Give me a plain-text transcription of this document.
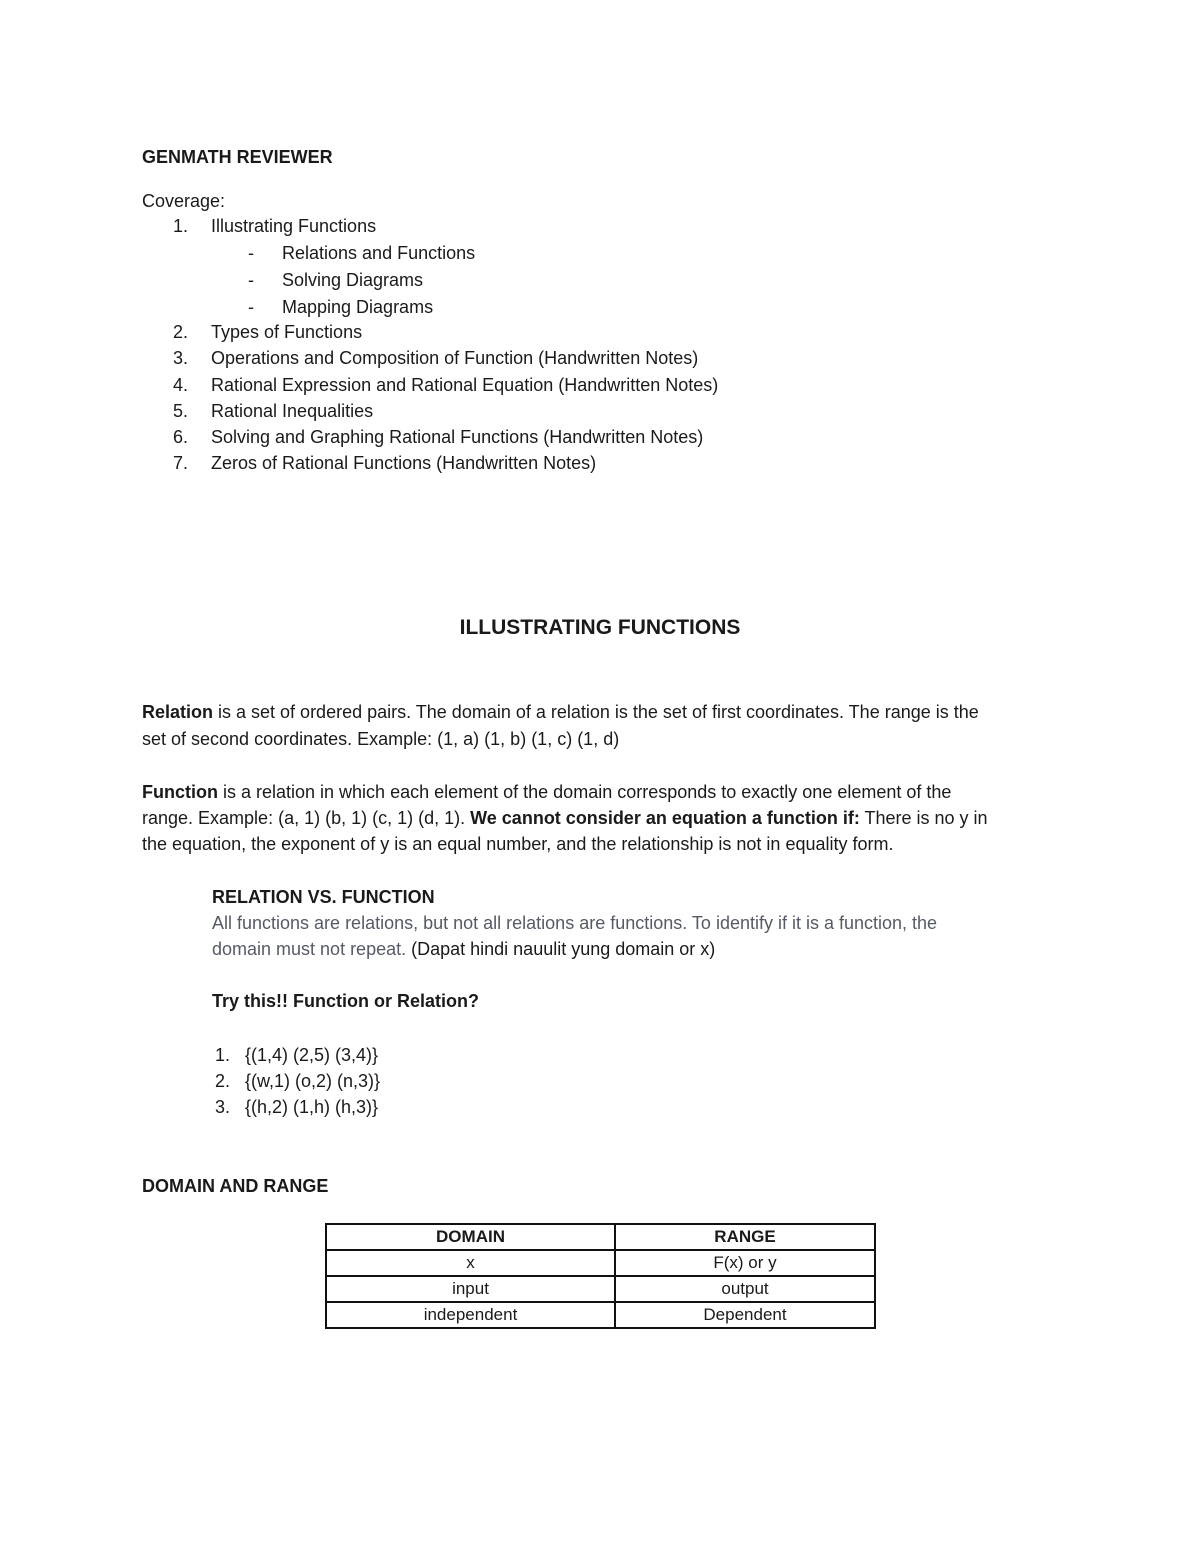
GENMATH REVIEWER
Coverage:
1. Illustrating Functions
- Relations and Functions
- Solving Diagrams
- Mapping Diagrams
2. Types of Functions
3. Operations and Composition of Function (Handwritten Notes)
4. Rational Expression and Rational Equation (Handwritten Notes)
5. Rational Inequalities
6. Solving and Graphing Rational Functions (Handwritten Notes)
7. Zeros of Rational Functions (Handwritten Notes)
ILLUSTRATING FUNCTIONS
Relation is a set of ordered pairs. The domain of a relation is the set of first coordinates. The range is the
set of second coordinates. Example: (1, a) (1, b) (1, c) (1, d)
Function is a relation in which each element of the domain corresponds to exactly one element of the
range. Example: (a, 1) (b, 1) (c, 1) (d, 1). We cannot consider an equation a function if: There is no y in
the equation, the exponent of y is an equal number, and the relationship is not in equality form.
RELATION VS. FUNCTION
All functions are relations, but not all relations are functions. To identify if it is a function, the
domain must not repeat. (Dapat hindi nauulit yung domain or x)
Try this!! Function or Relation?
1. {(1,4) (2,5) (3,4)}
2. {(w,1) (o,2) (n,3)}
3. {(h,2) (1,h) (h,3)}
DOMAIN AND RANGE
DOMAIN	RANGE
x	F(x) or y
input	output
independent	Dependent
